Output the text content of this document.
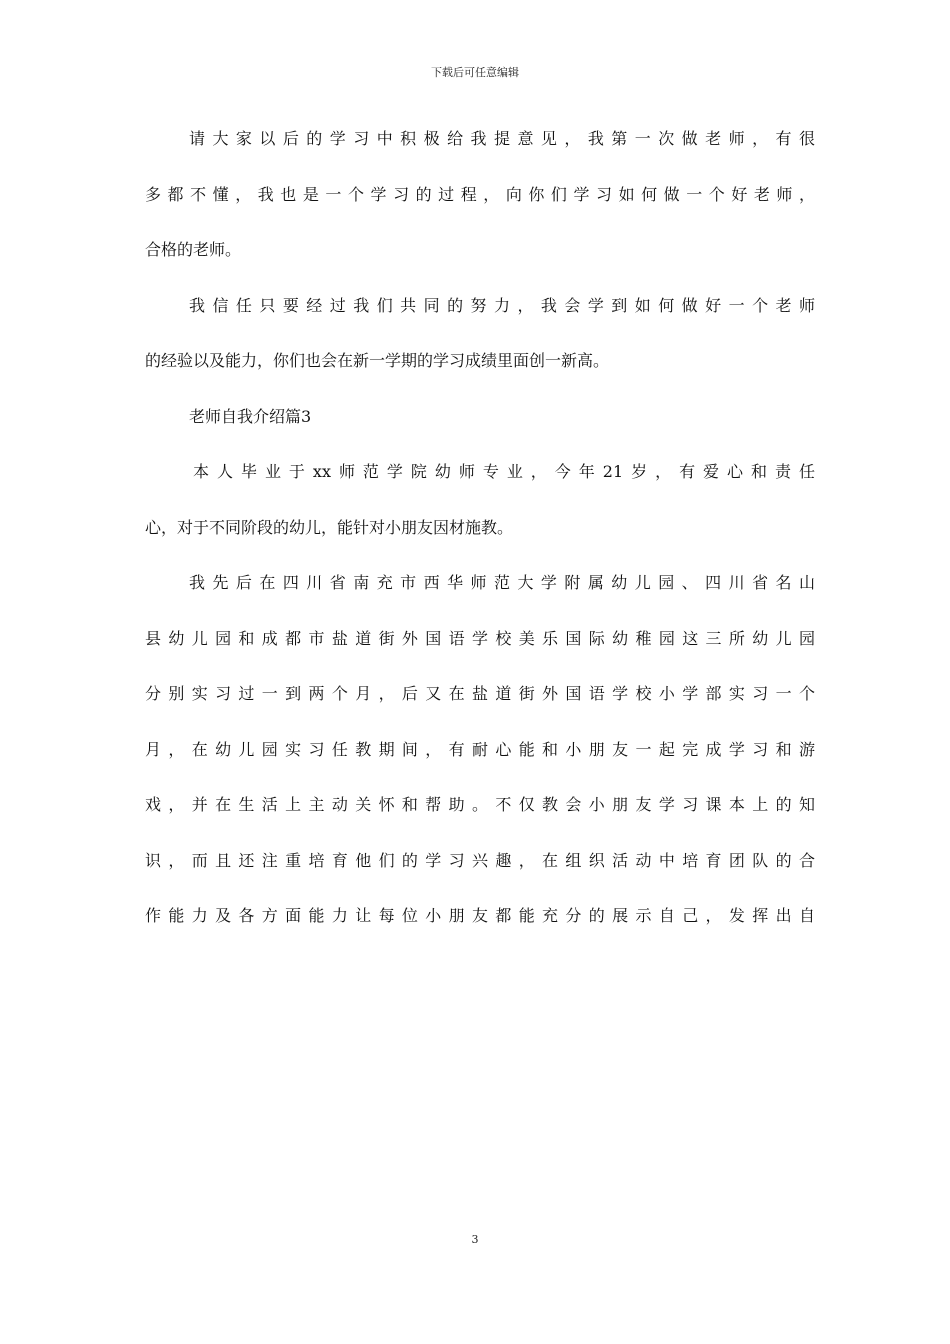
下载后可任意编辑
请大家以后的学习中积极给我提意见，我第一次做老师，有很
多都不懂，我也是一个学习的过程，向你们学习如何做一个好老师，
合格的老师。
我信任只要经过我们共同的努力，我会学到如何做好一个老师
的经验以及能力，你们也会在新一学期的学习成绩里面创一新高。
老师自我介绍篇3
本人毕业于xx师范学院幼师专业，今年21岁，有爱心和责任
心，对于不同阶段的幼儿，能针对小朋友因材施教。
我先后在四川省南充市西华师范大学附属幼儿园、四川省名山
县幼儿园和成都市盐道街外国语学校美乐国际幼稚园这三所幼儿园
分别实习过一到两个月，后又在盐道街外国语学校小学部实习一个
月，在幼儿园实习任教期间，有耐心能和小朋友一起完成学习和游
戏，并在生活上主动关怀和帮助。不仅教会小朋友学习课本上的知
识，而且还注重培育他们的学习兴趣，在组织活动中培育团队的合
作能力及各方面能力让每位小朋友都能充分的展示自己，发挥出自
3
